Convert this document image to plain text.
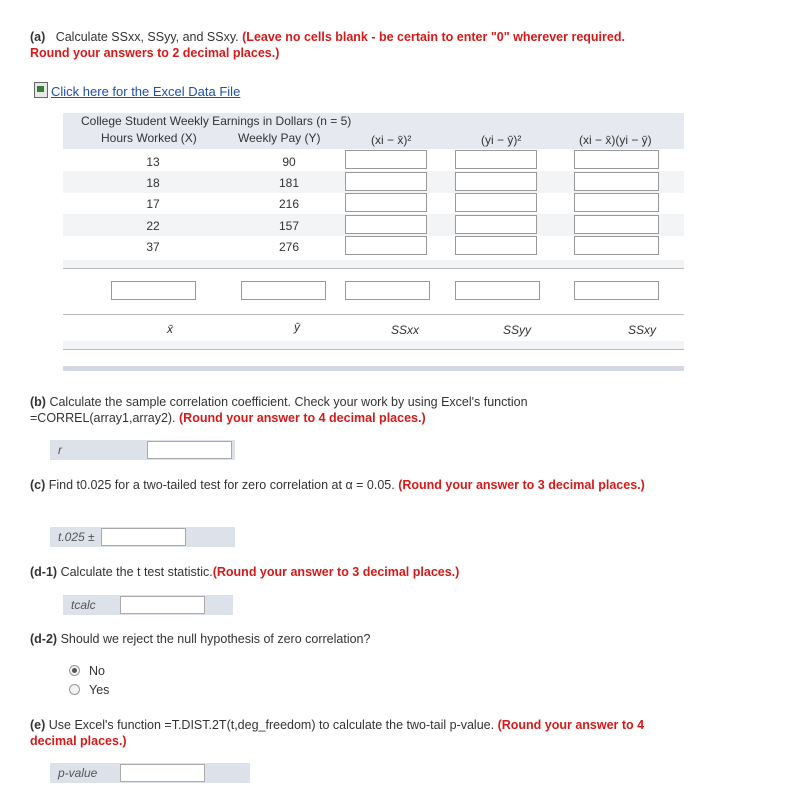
(a) Calculate SSxx, SSyy, and SSxy. (Leave no cells blank - be certain to enter "0" wherever required. Round your answers to 2 decimal places.)
Click here for the Excel Data File
College Student Weekly Earnings in Dollars (n = 5)
Hours Worked (X)	Weekly Pay (Y)	(xi − x̄)²	(yi − ȳ)²	(xi − x̄)(yi − ȳ)
13	90
18	181
17	216
22	157
37	276
x̄	ȳ	SSxx	SSyy	SSxy
(b) Calculate the sample correlation coefficient. Check your work by using Excel's function =CORREL(array1,array2). (Round your answer to 4 decimal places.)
r
(c) Find t0.025 for a two-tailed test for zero correlation at α = 0.05. (Round your answer to 3 decimal places.)
t.025 ±
(d-1) Calculate the t test statistic.(Round your answer to 3 decimal places.)
tcalc
(d-2) Should we reject the null hypothesis of zero correlation?
No
Yes
(e) Use Excel's function =T.DIST.2T(t,deg_freedom) to calculate the two-tail p-value. (Round your answer to 4 decimal places.)
p-value
